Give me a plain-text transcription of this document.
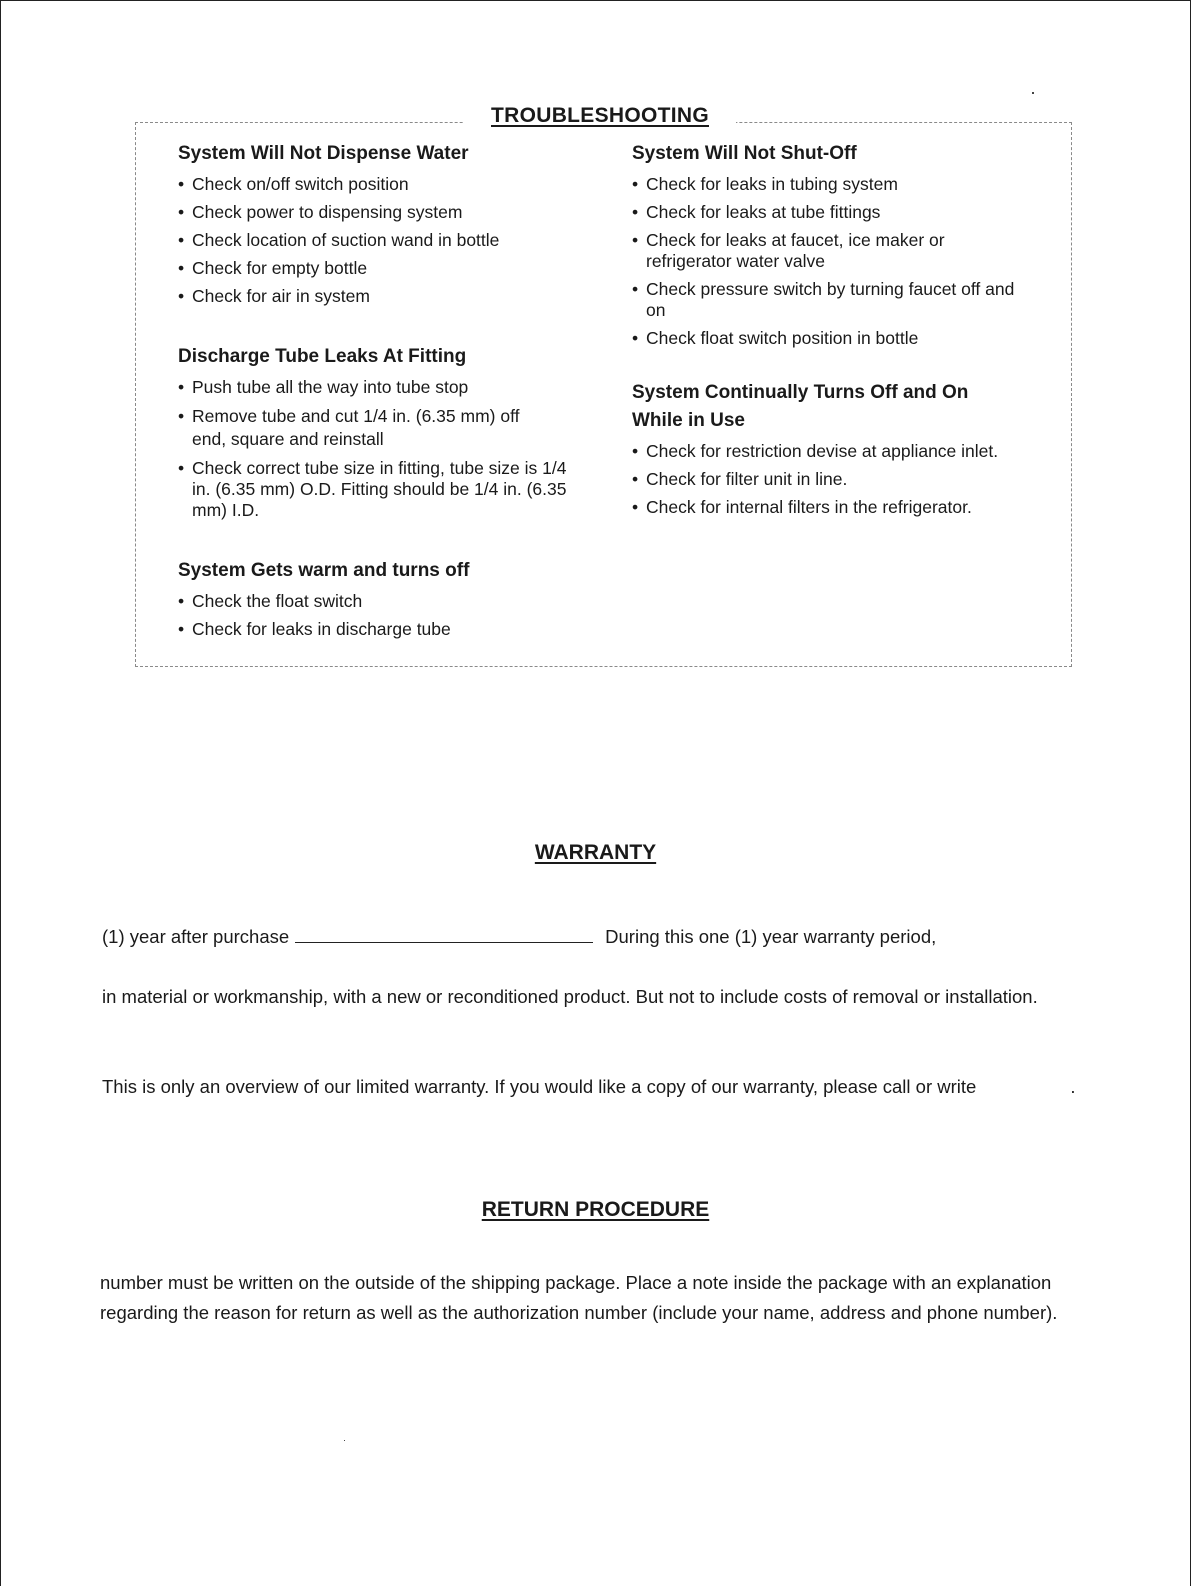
TROUBLESHOOTING
System Will Not Dispense Water
• Check on/off switch position
• Check power to dispensing system
• Check location of suction wand in bottle
• Check for empty bottle
• Check for air in system
Discharge Tube Leaks At Fitting
• Push tube all the way into tube stop
• Remove tube and cut 1/4 in. (6.35 mm) off end, square and reinstall
• Check correct tube size in fitting, tube size is 1/4 in. (6.35 mm) O.D. Fitting should be 1/4 in. (6.35 mm) I.D.
System Gets warm and turns off
• Check the float switch
• Check for leaks in discharge tube
System Will Not Shut-Off
• Check for leaks in tubing system
• Check for leaks at tube fittings
• Check for leaks at faucet, ice maker or refrigerator water valve
• Check pressure switch by turning faucet off and on
• Check float switch position in bottle
System Continually Turns Off and On While in Use
• Check for restriction devise at appliance inlet.
• Check for filter unit in line.
• Check for internal filters in the refrigerator.
WARRANTY
(1) year after purchase	During this one (1) year warranty period,
in material or workmanship, with a new or reconditioned product. But not to include costs of removal or installation.
This is only an overview of our limited warranty. If you would like a copy of our warranty, please call or write	.
RETURN PROCEDURE
number must be written on the outside of the shipping package. Place a note inside the package with an explanation regarding the reason for return as well as the authorization number (include your name, address and phone number).
